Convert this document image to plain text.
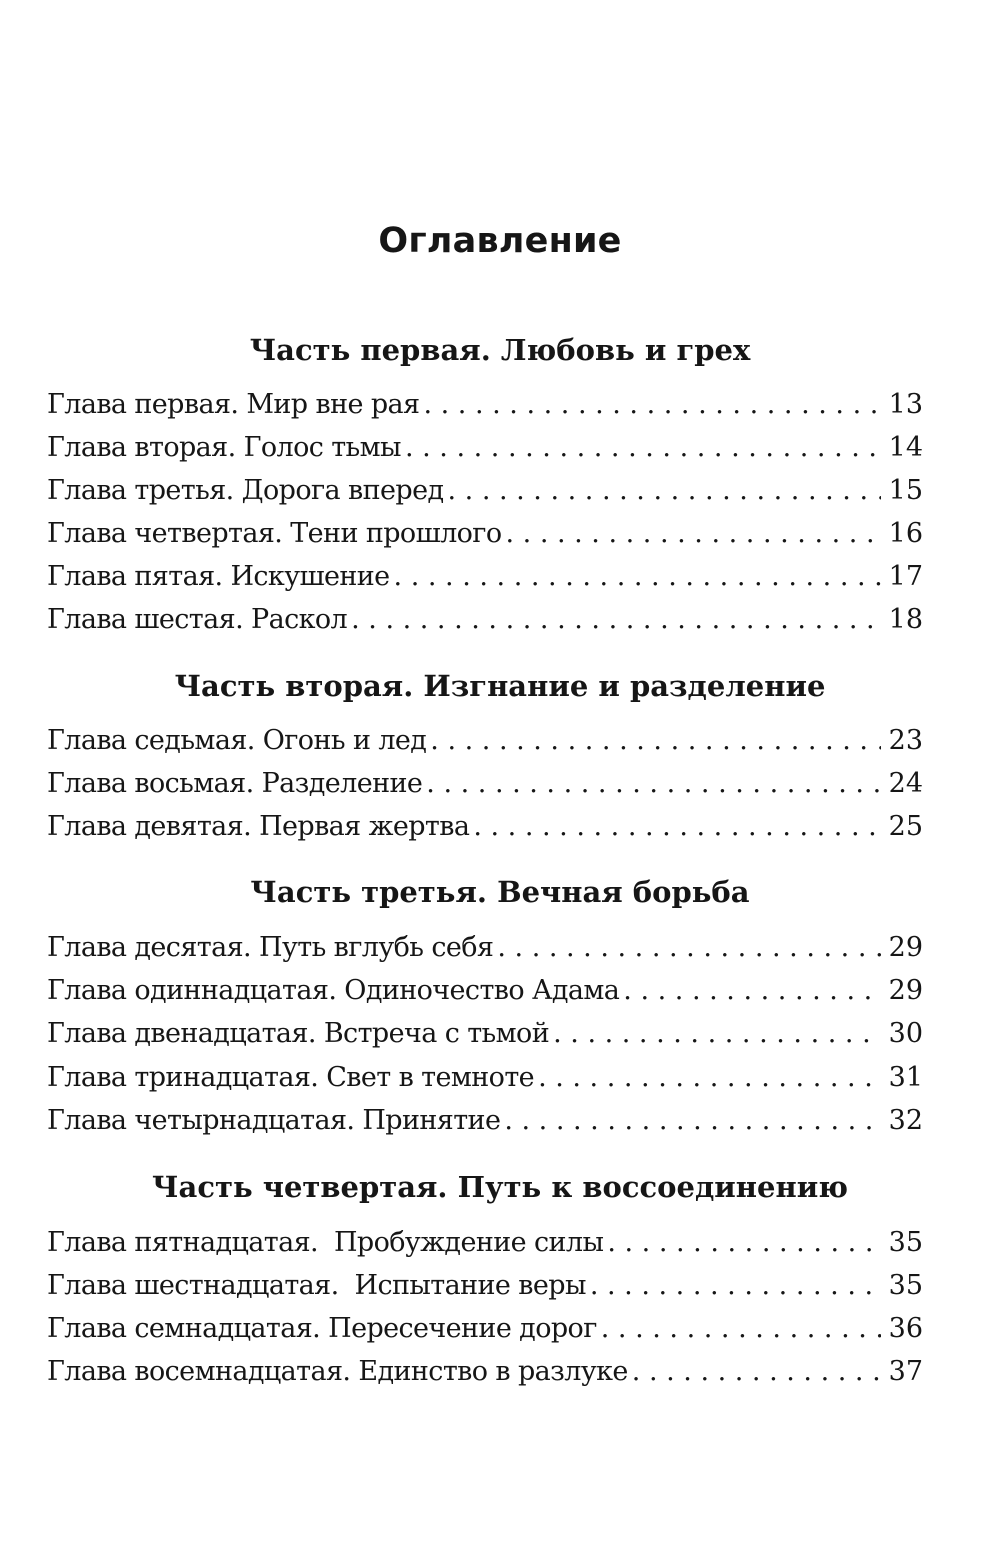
Оглавление
Часть первая. Любовь и грех
Глава первая. Мир вне рая . . .	13
Глава вторая. Голос тьмы . . .	14
Глава третья. Дорога вперед . . .	15
Глава четвертая. Тени прошлого . . .	16
Глава пятая. Искушение . . .	17
Глава шестая. Раскол . . .	18
Часть вторая. Изгнание и разделение
Глава седьмая. Огонь и лед . . .	23
Глава восьмая. Разделение . . .	24
Глава девятая. Первая жертва . . .	25
Часть третья. Вечная борьба
Глава десятая. Путь вглубь себя . . .	29
Глава одиннадцатая. Одиночество Адама . . .	29
Глава двенадцатая. Встреча с тьмой . . .	30
Глава тринадцатая. Свет в темноте . . .	31
Глава четырнадцатая. Принятие . . .	32
Часть четвертая. Путь к воссоединению
Глава пятнадцатая.  Пробуждение силы . . .	35
Глава шестнадцатая.  Испытание веры . . .	35
Глава семнадцатая. Пересечение дорог . . .	36
Глава восемнадцатая. Единство в разлуке . . .	37
